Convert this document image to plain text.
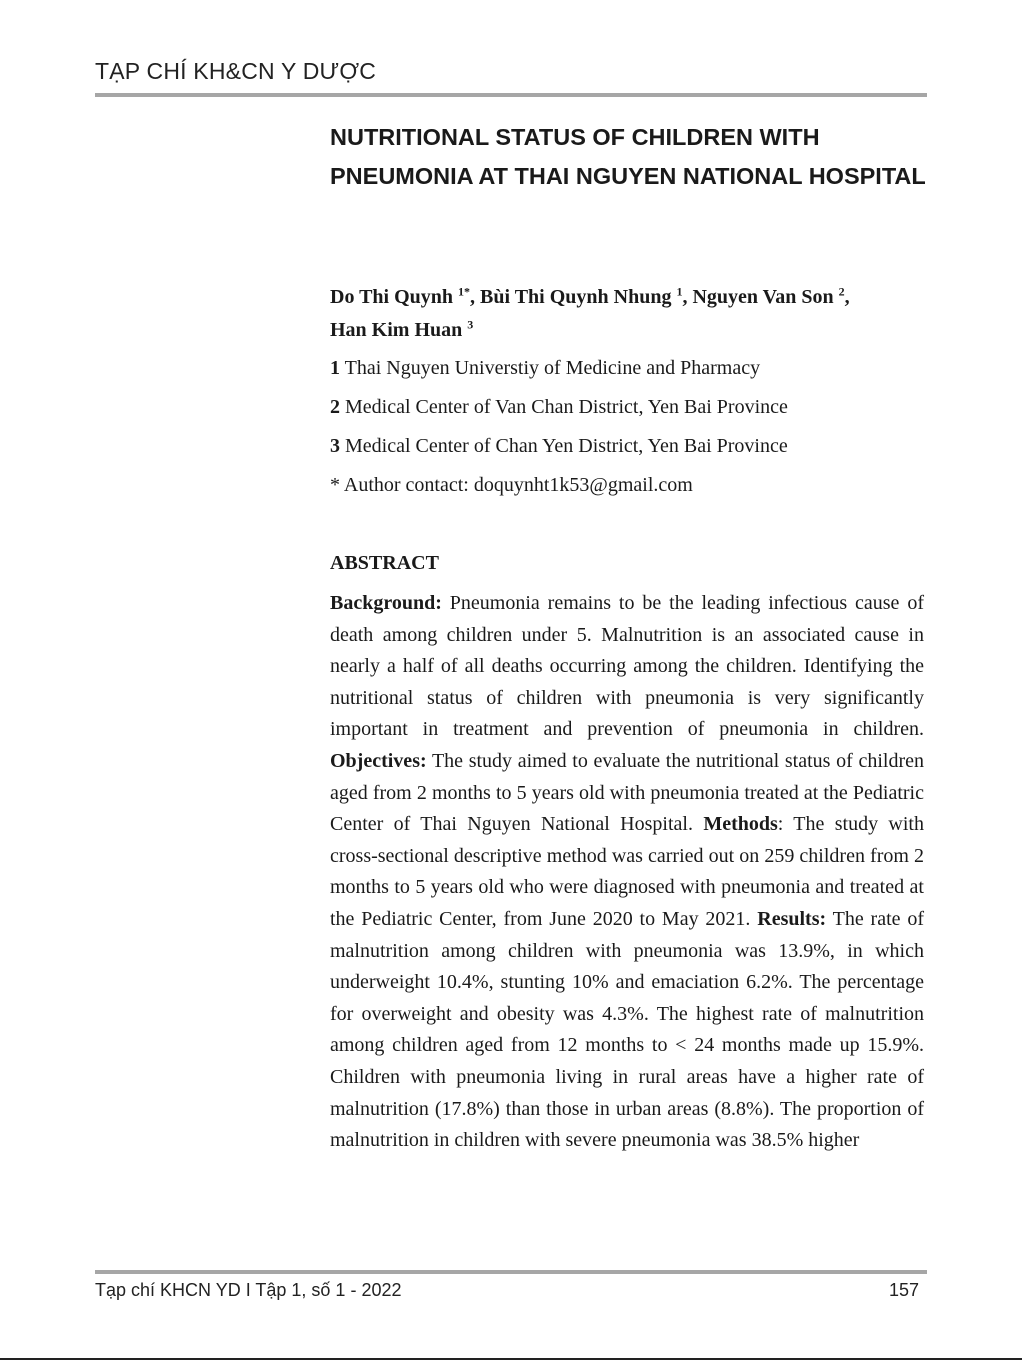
TẠP CHÍ KH&CN Y DƯỢC
NUTRITIONAL STATUS OF CHILDREN WITH PNEUMONIA AT THAI NGUYEN NATIONAL HOSPITAL

Do Thi Quynh $^{1*}$, Bùi Thi Quynh Nhung $^1$, Nguyen Van Son $^2$,
Han Kim Huan $^3$

1 Thai Nguyen Universtiy of Medicine and Pharmacy

2 Medical Center of Van Chan District, Yen Bai Province

3 Medical Center of Chan Yen District, Yen Bai Province

* Author contact: doquynht1k53@gmail.com

ABSTRACT

Background: Pneumonia remains to be the leading infectious cause of death among children under 5. Malnutrition is an associated cause in nearly a half of all deaths occurring among the children. Identifying the nutritional status of children with pneumonia is very significantly important in treatment and prevention of pneumonia in children. Objectives: The study aimed to evaluate the nutritional status of children aged from 2 months to 5 years old with pneumonia treated at the Pediatric Center of Thai Nguyen National Hospital. Methods: The study with cross-sectional descriptive method was carried out on 259 children from 2 months to 5 years old who were diagnosed with pneumonia and treated at the Pediatric Center, from June 2020 to May 2021. Results: The rate of malnutrition among children with pneumonia was 13.9%, in which underweight 10.4%, stunting 10% and emaciation 6.2%. The percentage for overweight and obesity was 4.3%. The highest rate of malnutrition among children aged from 12 months to < 24 months made up 15.9%. Children with pneumonia living in rural areas have a higher rate of malnutrition (17.8%) than those in urban areas (8.8%). The proportion of malnutrition in children with severe pneumonia was 38.5% higher

Tạp chí KHCN YD I Tập 1, số 1 - 2022	157
